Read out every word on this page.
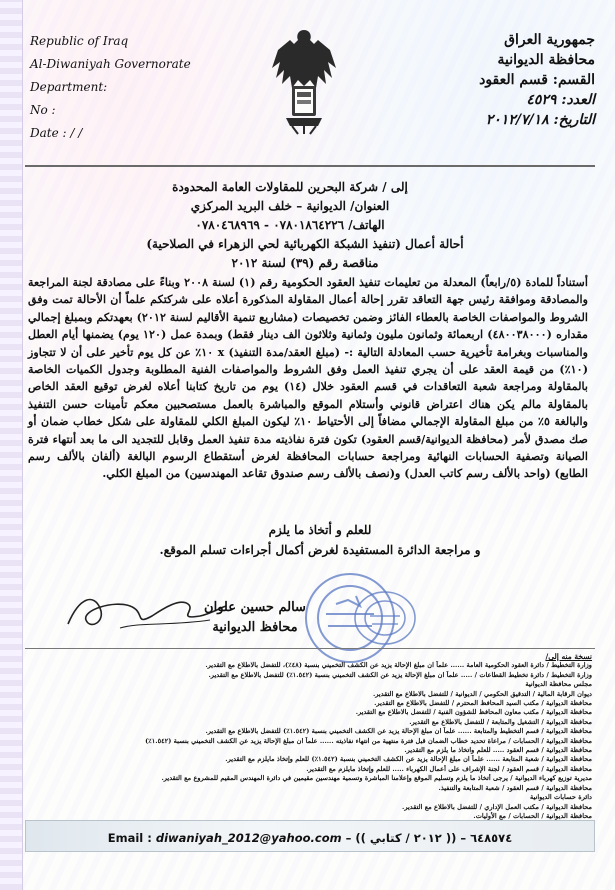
Republic of Iraq
Al-Diwaniyah Governorate
Department:
No :
Date : / /
جمهورية العراق
محافظة الديوانية
القسم: قسم العقود
العدد: ٤٥٢٩
التاريخ: ٢٠١٢/٧/١٨
إلى / شركة البحرين للمقاولات العامة المحدودة
العنوان/ الديوانية – خلف البريد المركزي
الهاتف/ ٠٧٨٠١٨٦٤٢٢٦ - ٠٧٨٠٤٦٨٩٦٩
أحالة أعمال (تنفيذ الشبكة الكهربائية لحي الزهراء في الصلاحية)
مناقصة رقم (٣٩) لسنة ٢٠١٢
أستناداً للمادة (٥/رابعاً) المعدلة من تعليمات تنفيذ العقود الحكومية رقم (١) لسنة ٢٠٠٨ وبناءً على مصادقة لجنة المراجعة والمصادقة وموافقة رئيس جهة التعاقد تقرر إحالة أعمال المقاولة المذكورة أعلاه على شركتكم علماً أن الأحالة تمت وفق الشروط والمواصفات الخاصة بالعطاء الفائز وضمن تخصيصات (مشاريع تنمية الأقاليم لسنة ٢٠١٢) بعهدتكم وبمبلغ إجمالي مقداره (٤٨٠٠٣٨٠٠٠) اربعمائة وثمانون مليون وثمانية وثلاثون الف دينار فقط) وبمدة عمل (١٢٠ يوم) يضمنها أيام العطل والمناسبات وبغرامة تأخيرية حسب المعادلة التالية :- (مبلغ العقد/مدة التنفيذ) x ١٠٪ عن كل يوم تأخير على أن لا تتجاوز (١٠٪) من قيمة العقد على أن يجري تنفيذ العمل وفق الشروط والمواصفات الفنية المطلوبة وجدول الكميات الخاصة بالمقاولة ومراجعة شعبة التعاقدات في قسم العقود خلال (١٤) يوم من تاريخ كتابنا أعلاه لغرض توقيع العقد الخاص بالمقاولة مالم يكن هناك اعتراض قانوني وأستلام الموقع والمباشرة بالعمل مستصحبين معكم تأمينات حسن التنفيذ والبالغة ٥٪ من مبلغ المقاولة الإجمالي مضافاً إلى الأحتياط ١٠٪ ليكون المبلغ الكلي للمقاولة على شكل خطاب ضمان أو صك مصدق لأمر (محافظة الديوانية/قسم العقود) تكون فترة نفاذيته مدة تنفيذ العمل وقابل للتجديد الى ما بعد أنتهاء فترة الصيانة وتصفية الحسابات النهائية ومراجعة حسابات المحافظة لغرض أستقطاع الرسوم البالغة (ألفان بالألف رسم الطابع) (واحد بالألف رسم كاتب العدل) و(نصف بالألف رسم صندوق تقاعد المهندسين) من المبلغ الكلي.
للعلم و أتخاذ ما يلزم
و مراجعة الدائرة المستفيدة لغرض أكمال أجراءات تسلم الموقع.
سالم حسين علوان
محافظ الديوانية
نسخة منه إلى/
وزارة التخطيط / دائرة العقود الحكومية العامة ...... علماً ان مبلغ الإحالة يزيد عن الكشف التخميني بنسبة (٤٨٪)، للتفضل بالاطلاع مع التقدير.
وزارة التخطيط / دائرة تخطيط القطاعات / ..... علماً ان مبلغ الإحالة يزيد عن الكشف التخميني بنسبة (١.٥٤٢٪) للتفضل بالاطلاع مع التقدير.
مجلس محافظة الديوانية
ديوان الرقابة المالية / التدقيق الحكومي / الديوانية / للتفضل بالاطلاع مع التقدير.
محافظة الديوانية / مكتب السيد المحافظ المحترم / للتفضل بالاطلاع مع التقدير.
محافظة الديوانية / مكتب معاون المحافظ للشؤون الفنية / للتفضل بالاطلاع مع التقدير.
محافظة الديوانية / التشغيل والمتابعة / للتفضل بالاطلاع مع التقدير.
محافظة الديوانية / قسم التخطيط والمتابعة ...... علماً ان مبلغ الإحالة يزيد عن الكشف التخميني بنسبة (١.٥٤٢٪) للتفضل بالاطلاع مع التقدير.
محافظة الديوانية / الحسابات / مراعاة تحديد خطاب الضمان قبل فترة منتهية من انتهاء نفاذيته ...... علماً ان مبلغ الإحالة يزيد عن الكشف التخميني بنسبة (١.٥٤٢٪)
محافظة الديوانية / قسم العقود ..... للعلم واتخاذ ما يلزم مع التقدير.
محافظة الديوانية / شعبة المتابعة ...... علماً ان مبلغ الإحالة يزيد عن الكشف التخميني بنسبة (١.٥٤٢٪) للعلم وإتخاذ مايلزم مع التقدير.
محافظة الديوانية / قسم العقود / لجنة الإشراف على أعمال الكهرباء ..... للعلم وإتخاذ مايلزم مع التقدير.
مديرية توزيع كهرباء الديوانية / يرجى أتخاذ ما يلزم وتسليم الموقع وإعلامنا المباشرة وتسمية مهندسين مقيمين في دائرة المهندس المقيم للمشروع مع التقدير.
محافظة الديوانية / قسم العقود / شعبة المتابعة والتنفيذ.
دائرة حسابات الديوانية
محافظة الديوانية / مكتب العمل الإداري / للتفضل بالاطلاع مع التقدير.
محافظة الديوانية / الحسابات / مع الأوليات.
Email : diwaniyah_2012@yahoo.com – (( ٢٠١٢ / كتابي )) – ٦٤٨٥٧٤
